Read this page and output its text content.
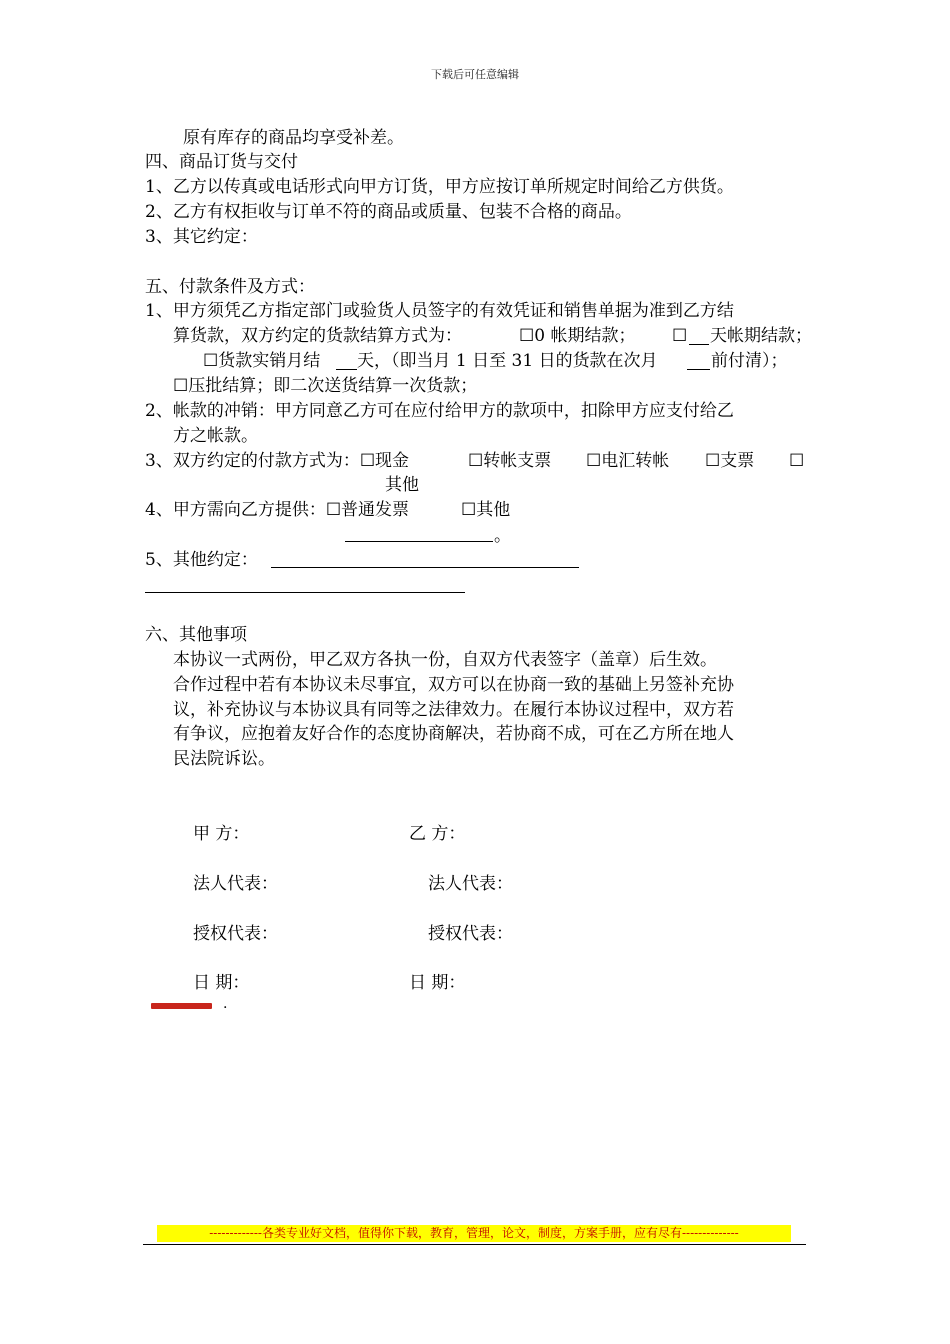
下载后可任意编辑
原有库存的商品均享受补差。
四、商品订货与交付
1、乙方以传真或电话形式向甲方订货，甲方应按订单所规定时间给乙方供货。
2、乙方有权拒收与订单不符的商品或质量、包装不合格的商品。
3、其它约定：
五、付款条件及方式：
1、甲方须凭乙方指定部门或验货人员签字的有效凭证和销售单据为准到乙方结
算货款，双方约定的货款结算方式为：	☐0 帐期结款； ☐ 天帐期结款；
☐货款实销月结 天，（即当月 1 日至 31 日的货款在次月	前付清）；
☐压批结算；即二次送货结算一次货款；
2、帐款的冲销：甲方同意乙方可在应付给甲方的款项中，扣除甲方应支付给乙
方之帐款。
3、双方约定的付款方式为：☐现金	☐转帐支票 ☐电汇转帐 ☐支票 ☐
其他
4、甲方需向乙方提供：☐普通发票	☐其他
。
5、其他约定：
六、其他事项
本协议一式两份，甲乙双方各执一份，自双方代表签字（盖章）后生效。
合作过程中若有本协议未尽事宜，双方可以在协商一致的基础上另签补充协
议，补充协议与本协议具有同等之法律效力。在履行本协议过程中，双方若
有争议，应抱着友好合作的态度协商解决，若协商不成，可在乙方所在地人
民法院诉讼。
甲 方：	乙 方：
法人代表：	法人代表：
授权代表：	授权代表：
日 期：	日 期：
.
-------------各类专业好文档，值得你下载，教育，管理，论文，制度，方案手册，应有尽有--------------
